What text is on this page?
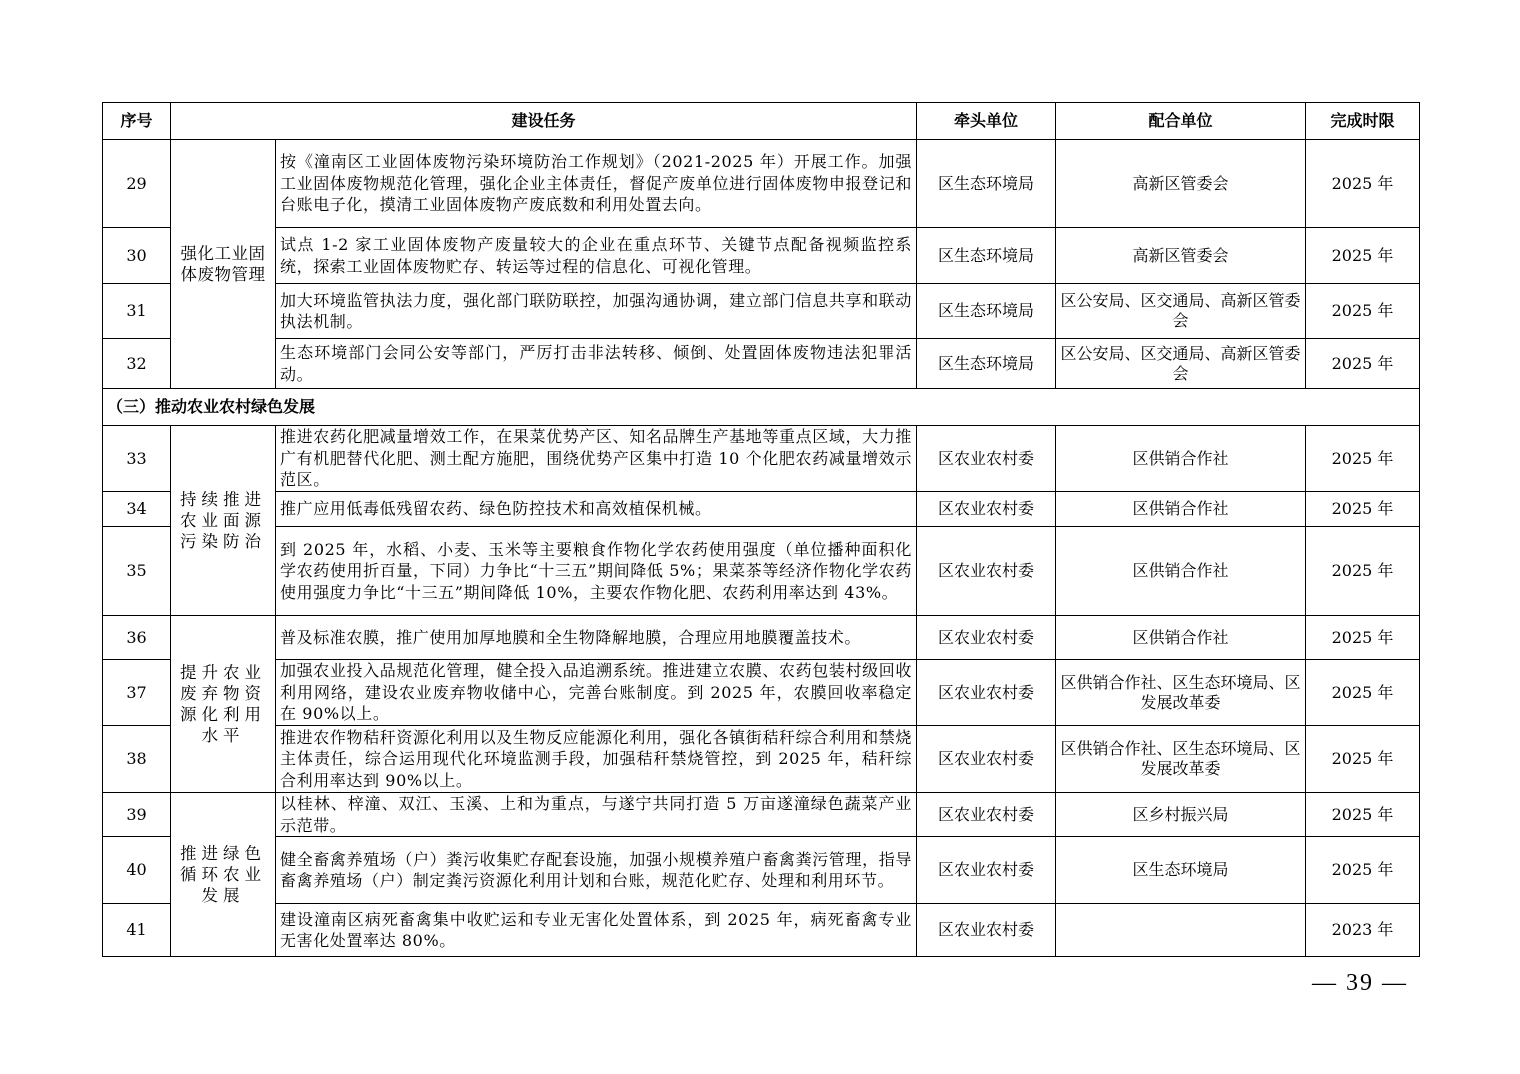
序号	建设任务		牵头单位	配合单位	完成时限
29	强化工业固体废物管理	按《潼南区工业固体废物污染环境防治工作规划》（2021-2025 年）开展工作。加强工业固体废物规范化管理，强化企业主体责任，督促产废单位进行固体废物申报登记和台账电子化，摸清工业固体废物产废底数和利用处置去向。	区生态环境局	高新区管委会	2025 年
30		试点 1-2 家工业固体废物产废量较大的企业在重点环节、关键节点配备视频监控系统，探索工业固体废物贮存、转运等过程的信息化、可视化管理。	区生态环境局	高新区管委会	2025 年
31		加大环境监管执法力度，强化部门联防联控，加强沟通协调，建立部门信息共享和联动执法机制。	区生态环境局	区公安局、区交通局、高新区管委会	2025 年
32		生态环境部门会同公安等部门，严厉打击非法转移、倾倒、处置固体废物违法犯罪活动。	区生态环境局	区公安局、区交通局、高新区管委会	2025 年
（三）推动农业农村绿色发展					
33	持续推进农业面源污染防治	推进农药化肥减量增效工作，在果菜优势产区、知名品牌生产基地等重点区域，大力推广有机肥替代化肥、测土配方施肥，围绕优势产区集中打造 10 个化肥农药减量增效示范区。	区农业农村委	区供销合作社	2025 年
34		推广应用低毒低残留农药、绿色防控技术和高效植保机械。	区农业农村委	区供销合作社	2025 年
35		到 2025 年，水稻、小麦、玉米等主要粮食作物化学农药使用强度（单位播种面积化学农药使用折百量，下同）力争比“十三五”期间降低 5%；果菜茶等经济作物化学农药使用强度力争比“十三五”期间降低 10%，主要农作物化肥、农药利用率达到 43%。	区农业农村委	区供销合作社	2025 年
36	提升农业废弃物资源化利用水平	普及标准农膜，推广使用加厚地膜和全生物降解地膜，合理应用地膜覆盖技术。	区农业农村委	区供销合作社	2025 年
37		加强农业投入品规范化管理，健全投入品追溯系统。推进建立农膜、农药包装村级回收利用网络，建设农业废弃物收储中心，完善台账制度。到 2025 年，农膜回收率稳定在 90%以上。	区农业农村委	区供销合作社、区生态环境局、区发展改革委	2025 年
38		推进农作物秸秆资源化利用以及生物反应能源化利用，强化各镇街秸秆综合利用和禁烧主体责任，综合运用现代化环境监测手段，加强秸秆禁烧管控，到 2025 年，秸秆综合利用率达到 90%以上。	区农业农村委	区供销合作社、区生态环境局、区发展改革委	2025 年
39	推进绿色循环农业发展	以桂林、梓潼、双江、玉溪、上和为重点，与遂宁共同打造 5 万亩遂潼绿色蔬菜产业示范带。	区农业农村委	区乡村振兴局	2025 年
40		健全畜禽养殖场（户）粪污收集贮存配套设施，加强小规模养殖户畜禽粪污管理，指导畜禽养殖场（户）制定粪污资源化利用计划和台账，规范化贮存、处理和利用环节。	区农业农村委	区生态环境局	2025 年
41		建设潼南区病死畜禽集中收贮运和专业无害化处置体系，到 2025 年，病死畜禽专业无害化处置率达 80%。	区农业农村委		2023 年
— 39 —
